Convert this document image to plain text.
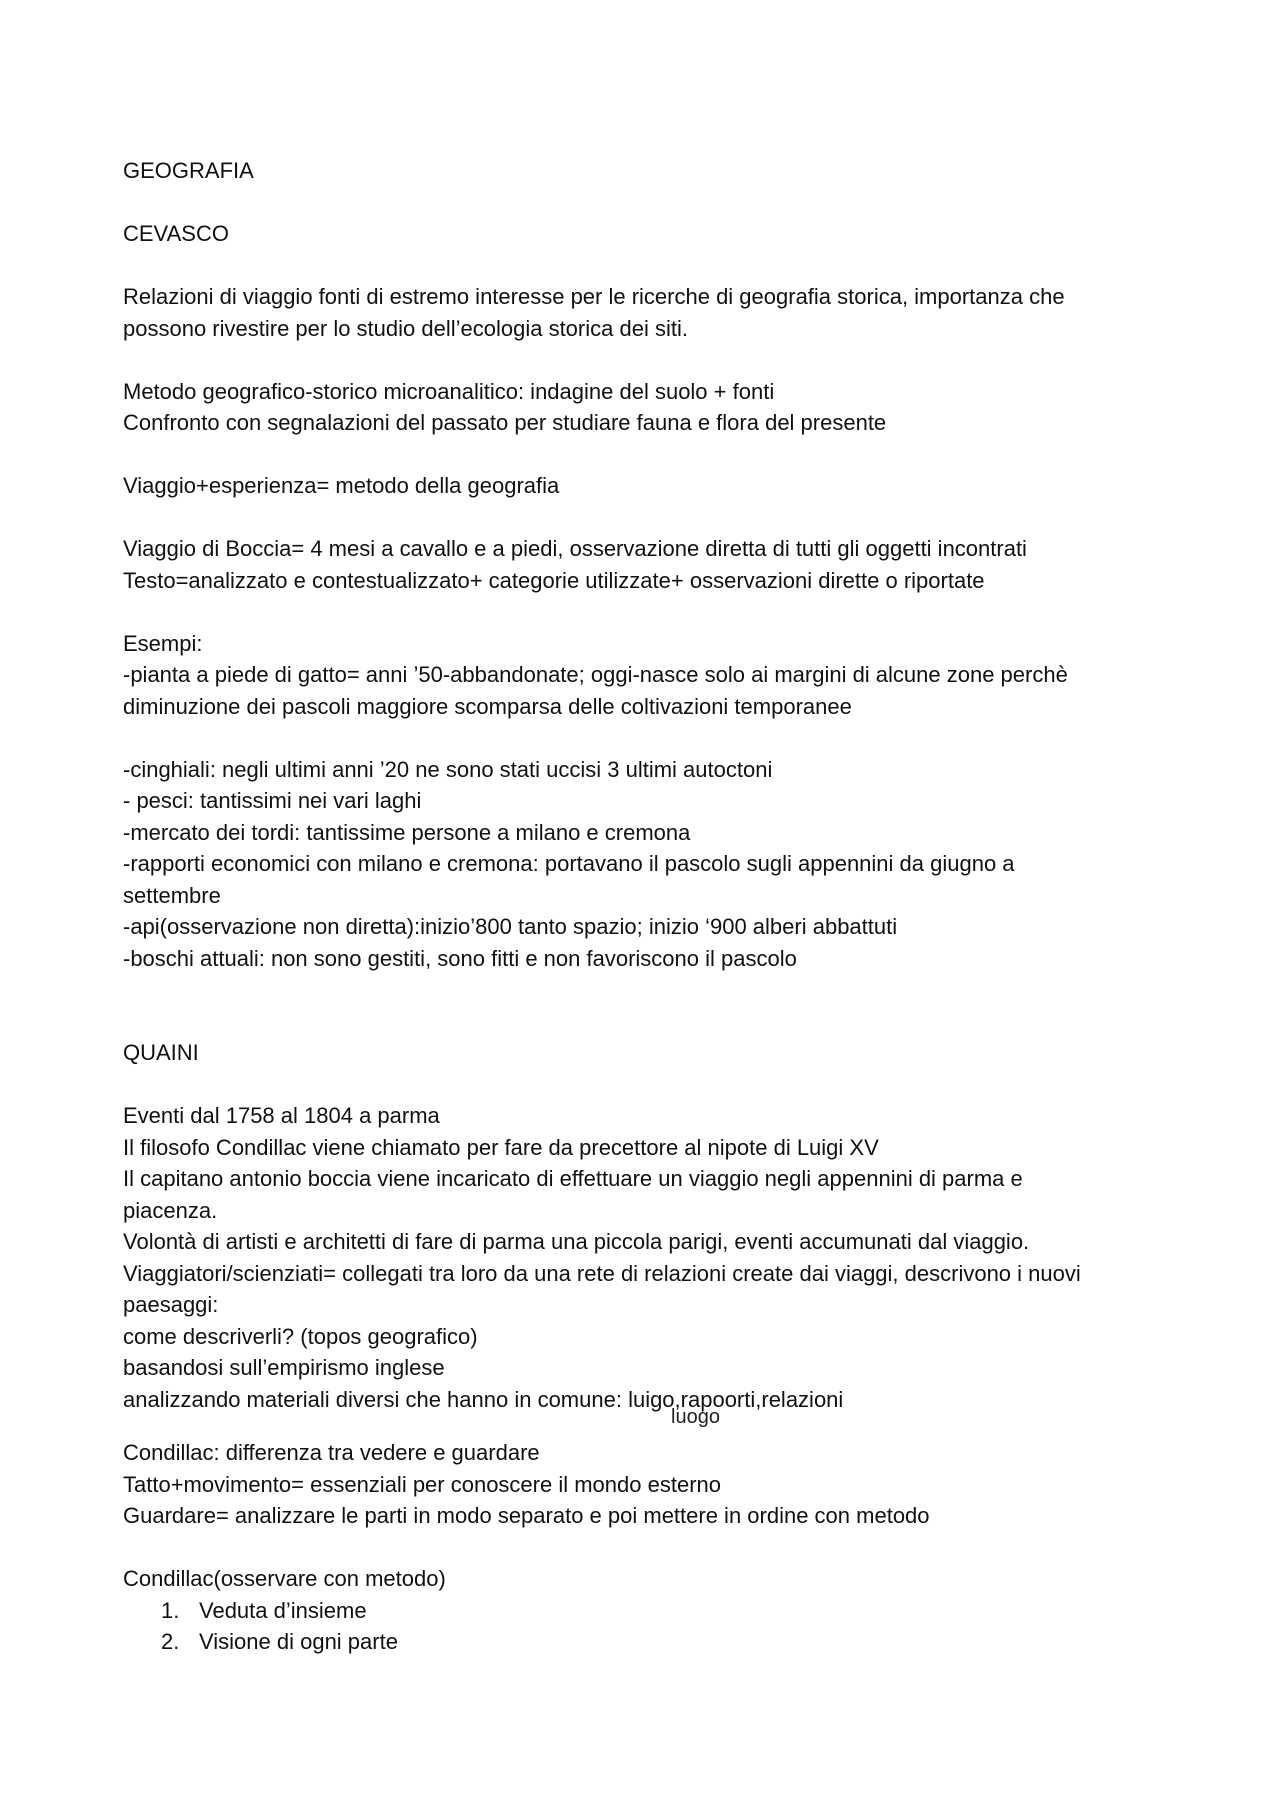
GEOGRAFIA
CEVASCO
Relazioni di viaggio fonti di estremo interesse per le ricerche di geografia storica, importanza che
possono rivestire per lo studio dell’ecologia storica dei siti.
Metodo geografico-storico microanalitico: indagine del suolo + fonti
Confronto con segnalazioni del passato per studiare fauna e flora del presente
Viaggio+esperienza= metodo della geografia
Viaggio di Boccia= 4 mesi a cavallo e a piedi, osservazione diretta di tutti gli oggetti incontrati
Testo=analizzato e contestualizzato+ categorie utilizzate+ osservazioni dirette o riportate
Esempi:
-pianta a piede di gatto= anni ’50-abbandonate; oggi-nasce solo ai margini di alcune zone perchè
diminuzione dei pascoli maggiore scomparsa delle coltivazioni temporanee
-cinghiali: negli ultimi anni ’20 ne sono stati uccisi 3 ultimi autoctoni
- pesci: tantissimi nei vari laghi
-mercato dei tordi: tantissime persone a milano e cremona
-rapporti economici con milano e cremona: portavano il pascolo sugli appennini da giugno a
settembre
-api(osservazione non diretta):inizio’800 tanto spazio; inizio ‘900 alberi abbattuti
-boschi attuali: non sono gestiti, sono fitti e non favoriscono il pascolo
QUAINI
Eventi dal 1758 al 1804 a parma
Il filosofo Condillac viene chiamato per fare da precettore al nipote di Luigi XV
Il capitano antonio boccia viene incaricato di effettuare un viaggio negli appennini di parma e
piacenza.
Volontà di artisti e architetti di fare di parma una piccola parigi, eventi accumunati dal viaggio.
Viaggiatori/scienziati= collegati tra loro da una rete di relazioni create dai viaggi, descrivono i nuovi
paesaggi:
come descriverli? (topos geografico)
basandosi sull’empirismo inglese
analizzando materiali diversi che hanno in comune: luigo,rapoorti,relazioni
luogo
Condillac: differenza tra vedere e guardare
Tatto+movimento= essenziali per conoscere il mondo esterno
Guardare= analizzare le parti in modo separato e poi mettere in ordine con metodo
Condillac(osservare con metodo)
1. Veduta d’insieme
2. Visione di ogni parte
